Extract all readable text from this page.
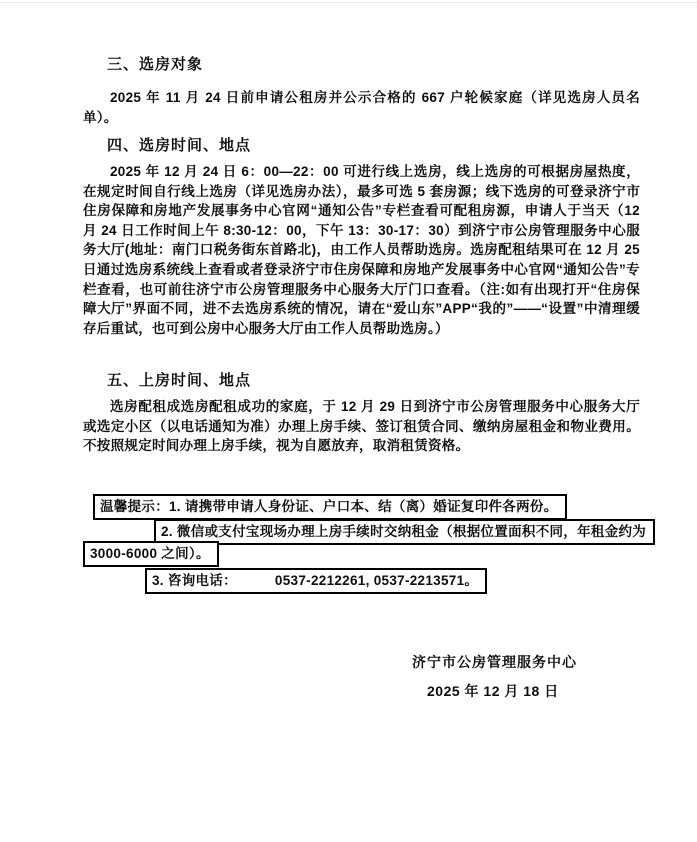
三、选房对象
2025 年 11 月 24 日前申请公租房并公示合格的 667 户轮候家庭（详见选房人员名单）。
四、选房时间、地点
2025 年 12 月 24 日 6：00—22：00 可进行线上选房，线上选房的可根据房屋热度，在规定时间自行线上选房（详见选房办法），最多可选 5 套房源；线下选房的可登录济宁市住房保障和房地产发展事务中心官网“通知公告”专栏查看可配租房源，申请人于当天（12 月 24 日工作时间上午 8:30-12：00，下午 13：30-17：30）到济宁市公房管理服务中心服务大厅(地址：南门口税务街东首路北)，由工作人员帮助选房。选房配租结果可在 12 月 25 日通过选房系统线上查看或者登录济宁市住房保障和房地产发展事务中心官网“通知公告”专栏查看，也可前往济宁市公房管理服务中心服务大厅门口查看。（注:如有出现打开“住房保障大厅”界面不同，进不去选房系统的情况，请在“爱山东”APP“我的”——“设置”中清理缓存后重试，也可到公房中心服务大厅由工作人员帮助选房。）
五、上房时间、地点
选房配租成选房配租成功的家庭，于 12 月 29 日到济宁市公房管理服务中心服务大厅或选定小区（以电话通知为准）办理上房手续、签订租赁合同、缴纳房屋租金和物业费用。不按照规定时间办理上房手续，视为自愿放弃，取消租赁资格。
温馨提示：1. 请携带申请人身份证、户口本、结（离）婚证复印件各两份。
2. 微信或支付宝现场办理上房手续时交纳租金（根据位置面积不同，年租金约为
3000-6000 之间）。
3. 咨询电话：	0537-2212261, 0537-2213571。
济宁市公房管理服务中心
2025 年 12 月 18 日
